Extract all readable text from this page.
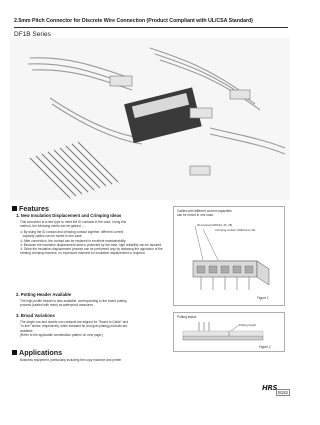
2.5mm Pitch Connector for Discrete Wire Connection (Product Compliant with UL/CSA Standard)
DF1B Series
Features
1. New Insulation Displacement and Crimping Ideas

This connector is a new type to meet the ID contacts in the case. Using this

method, the following merits can be gained ....

① By using the ID contact and crimping contact together, different current

capacity cables can be mixed in one case.

② After connection, the contact can be replaced in excellent maintainability.

③ Because the insulation displacement area is protected by the case, high reliability can be assured.

④ Since the insulation displacement process can be performed only by replacing the applicator of the existing crimping machine, no expensive machine for insulation displacement is required.

2. Potting Header Available

The high profile header is also available, corresponding to the board potting

process (sealed with resin) as waterproof measures.

3. Broad Variations

The single row and double row contacts are aligned for "Board to Cable" and

"In-line" series, respectively, while standard tin and gold plating products are

available.

(Refer to the applicable combination pattern on next page.)

Applications
Business equipment, particularly including the copy machine and printer
Cables with different current capacities
can be mixed in one case.
ID terminal (AWG24, 26, 28)
Crimping contact (AWG22 to 30)
Figure 1
Potting status
Potting height
Figure 2
HRS
B153
